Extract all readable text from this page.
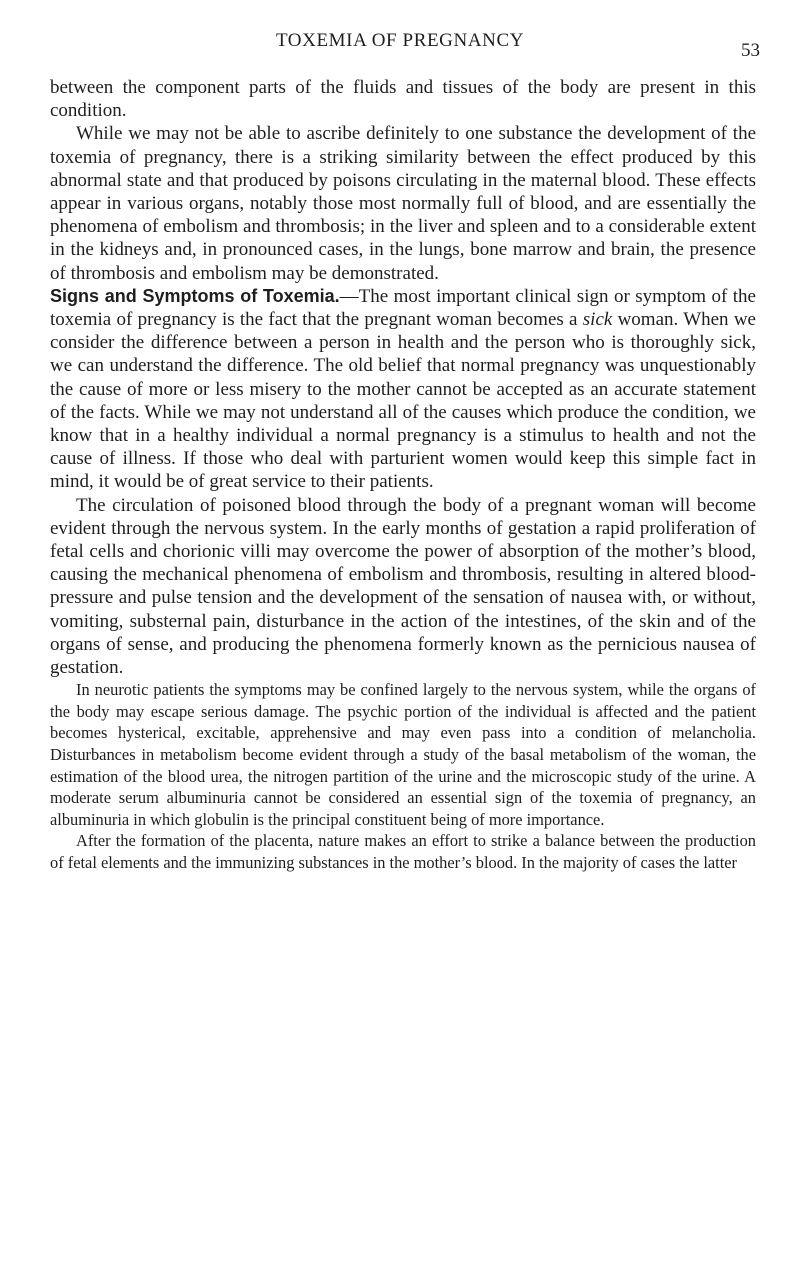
TOXEMIA OF PREGNANCY	53

between the component parts of the fluids and tissues of the body are present in this condition.

While we may not be able to ascribe definitely to one substance the development of the toxemia of pregnancy, there is a striking similarity between the effect produced by this abnormal state and that produced by poisons circulating in the maternal blood. These effects appear in various organs, notably those most normally full of blood, and are essentially the phenomena of embolism and thrombosis; in the liver and spleen and to a considerable extent in the kidneys and, in pronounced cases, in the lungs, bone marrow and brain, the presence of thrombosis and embolism may be demonstrated.

Signs and Symptoms of Toxemia.—The most important clinical sign or symptom of the toxemia of pregnancy is the fact that the pregnant woman becomes a sick woman. When we consider the difference between a person in health and the person who is thoroughly sick, we can understand the difference. The old belief that normal pregnancy was unquestionably the cause of more or less misery to the mother cannot be accepted as an accurate statement of the facts. While we may not understand all of the causes which produce the condition, we know that in a healthy individual a normal pregnancy is a stimulus to health and not the cause of illness. If those who deal with parturient women would keep this simple fact in mind, it would be of great service to their patients.

The circulation of poisoned blood through the body of a pregnant woman will become evident through the nervous system. In the early months of gestation a rapid proliferation of fetal cells and chorionic villi may overcome the power of absorption of the mother’s blood, causing the mechanical phenomena of embolism and thrombosis, resulting in altered blood-pressure and pulse tension and the development of the sensation of nausea with, or without, vomiting, substernal pain, disturbance in the action of the intestines, of the skin and of the organs of sense, and producing the phenomena formerly known as the pernicious nausea of gestation.

In neurotic patients the symptoms may be confined largely to the nervous system, while the organs of the body may escape serious damage. The psychic portion of the individual is affected and the patient becomes hysterical, excitable, apprehensive and may even pass into a condition of melancholia. Disturbances in metabolism become evident through a study of the basal metabolism of the woman, the estimation of the blood urea, the nitrogen partition of the urine and the microscopic study of the urine. A moderate serum albuminuria cannot be considered an essential sign of the toxemia of pregnancy, an albuminuria in which globulin is the principal constituent being of more importance.

After the formation of the placenta, nature makes an effort to strike a balance between the production of fetal elements and the immunizing substances in the mother’s blood. In the majority of cases the latter
